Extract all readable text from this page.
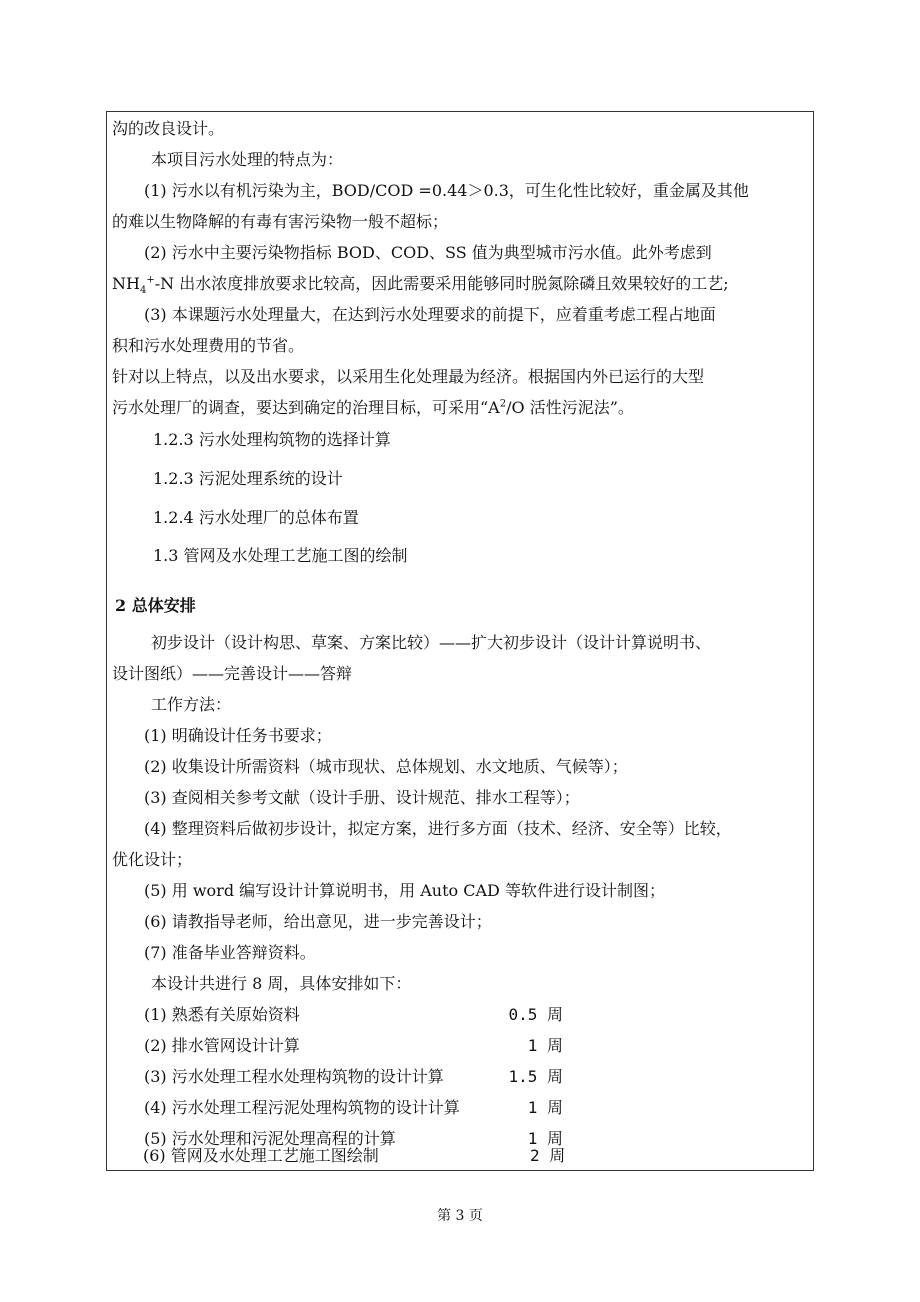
沟的改良设计。
本项目污水处理的特点为：
(1) 污水以有机污染为主，BOD/COD =0.44＞0.3，可生化性比较好，重金属及其他
的难以生物降解的有毒有害污染物一般不超标；
(2) 污水中主要污染物指标 BOD、COD、SS 值为典型城市污水值。此外考虑到
$NH_4^+-N$ 出水浓度排放要求比较高，因此需要采用能够同时脱氮除磷且效果较好的工艺;
(3) 本课题污水处理量大，在达到污水处理要求的前提下，应着重考虑工程占地面
积和污水处理费用的节省。
针对以上特点，以及出水要求，以采用生化处理最为经济。根据国内外已运行的大型
污水处理厂的调查，要达到确定的治理目标，可采用“$A^2/O$ 活性污泥法”。
1.2.3 污水处理构筑物的选择计算
1.2.3 污泥处理系统的设计
1.2.4 污水处理厂的总体布置
1.3 管网及水处理工艺施工图的绘制
2 总体安排
初步设计（设计构思、草案、方案比较）——扩大初步设计（设计计算说明书、
设计图纸）——完善设计——答辩
工作方法：
(1) 明确设计任务书要求；
(2) 收集设计所需资料（城市现状、总体规划、水文地质、气候等）；
(3) 查阅相关参考文献（设计手册、设计规范、排水工程等）；
(4) 整理资料后做初步设计，拟定方案，进行多方面（技术、经济、安全等）比较，
优化设计；
(5) 用 word 编写设计计算说明书，用 Auto CAD 等软件进行设计制图；
(6) 请教指导老师，给出意见，进一步完善设计；
(7) 准备毕业答辩资料。
本设计共进行 8 周，具体安排如下：
(1) 熟悉有关原始资料	0.5 周
(2) 排水管网设计计算	1 周
(3) 污水处理工程水处理构筑物的设计计算	1.5 周
(4) 污水处理工程污泥处理构筑物的设计计算	1 周
(5) 污水处理和污泥处理高程的计算	1 周
(6) 管网及水处理工艺施工图绘制	2 周
第 3 页
